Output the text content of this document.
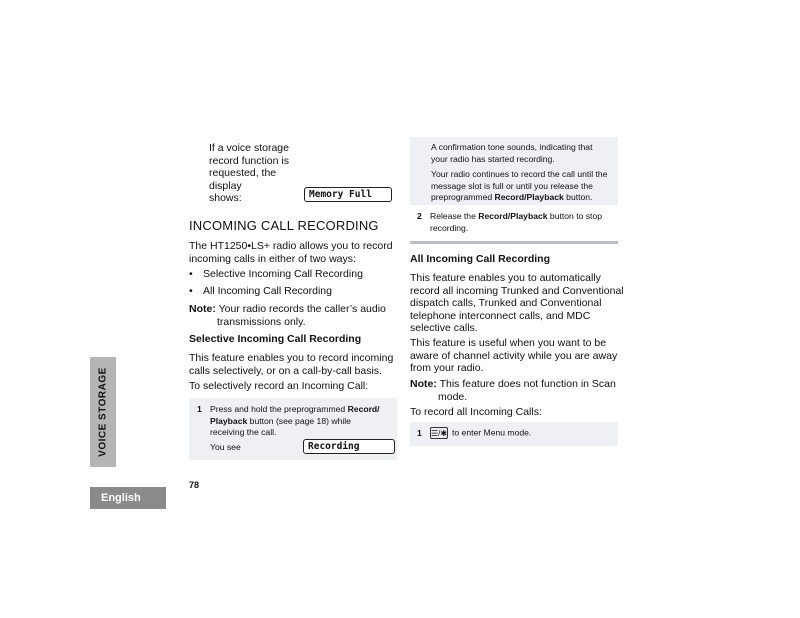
VOICE STORAGE
English
If a voice storage
record function is
requested, the
display
shows:	Memory Full
INCOMING CALL RECORDING
The HT1250•LS+ radio allows you to record
incoming calls in either of two ways:
• Selective Incoming Call Recording
• All Incoming Call Recording
Note: Your radio records the caller’s audio
transmissions only.
Selective Incoming Call Recording
This feature enables you to record incoming
calls selectively, or on a call-by-call basis.
To selectively record an Incoming Call:
1 Press and hold the preprogrammed Record/
Playback button (see page 18) while
receiving the call.
You see	Recording
78
A confirmation tone sounds, indicating that
your radio has started recording.
Your radio continues to record the call until the
message slot is full or until you release the
preprogrammed Record/Playback button.
2 Release the Record/Playback button to stop
recording.
All Incoming Call Recording
This feature enables you to automatically
record all incoming Trunked and Conventional
dispatch calls, Trunked and Conventional
telephone interconnect calls, and MDC
selective calls.
This feature is useful when you want to be
aware of channel activity while you are away
from your radio.
Note: This feature does not function in Scan
mode.
To record all Incoming Calls:
1 ☰/✱ to enter Menu mode.
